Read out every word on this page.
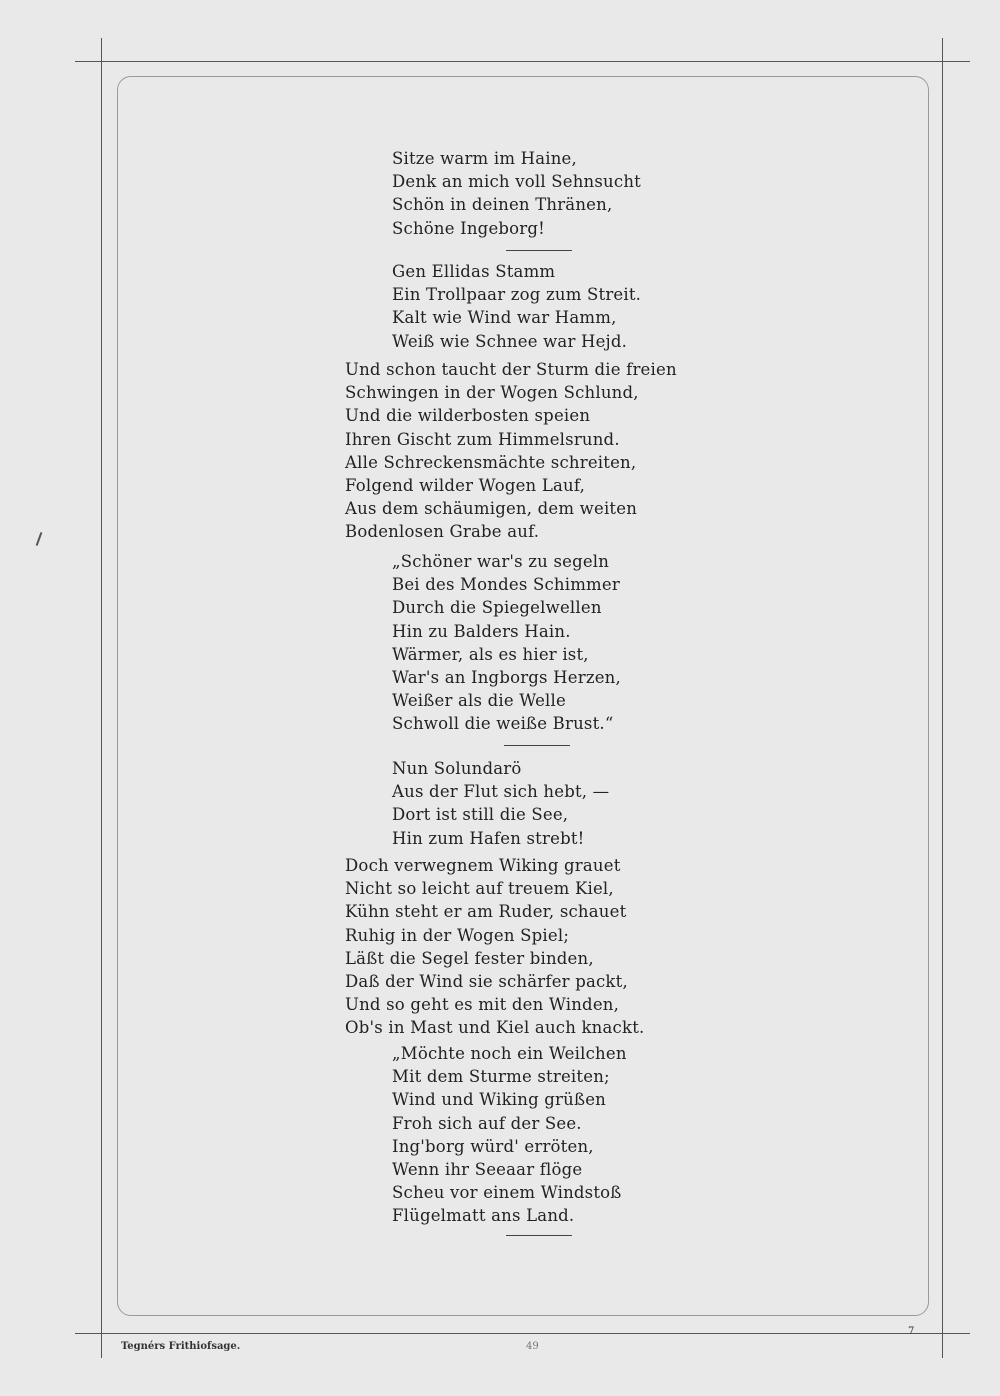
Sitze warm im Haine,
Denk an mich voll Sehnsucht
Schön in deinen Thränen,
Schöne Ingeborg!
Gen Ellidas Stamm
Ein Trollpaar zog zum Streit.
Kalt wie Wind war Hamm,
Weiß wie Schnee war Hejd.
Und schon taucht der Sturm die freien
Schwingen in der Wogen Schlund,
Und die wilderbosten speien
Ihren Gischt zum Himmelsrund.
Alle Schreckensmächte schreiten,
Folgend wilder Wogen Lauf,
Aus dem schäumigen, dem weiten
Bodenlosen Grabe auf.
„Schöner war's zu segeln
Bei des Mondes Schimmer
Durch die Spiegelwellen
Hin zu Balders Hain.
Wärmer, als es hier ist,
War's an Ingborgs Herzen,
Weißer als die Welle
Schwoll die weiße Brust.“
Nun Solundarö
Aus der Flut sich hebt, —
Dort ist still die See,
Hin zum Hafen strebt!
Doch verwegnem Wiking grauet
Nicht so leicht auf treuem Kiel,
Kühn steht er am Ruder, schauet
Ruhig in der Wogen Spiel;
Läßt die Segel fester binden,
Daß der Wind sie schärfer packt,
Und so geht es mit den Winden,
Ob's in Mast und Kiel auch knackt.
„Möchte noch ein Weilchen
Mit dem Sturme streiten;
Wind und Wiking grüßen
Froh sich auf der See.
Ing'borg würd' erröten,
Wenn ihr Seeaar flöge
Scheu vor einem Windstoß
Flügelmatt ans Land.
Tegnérs Frithiofsage.	49
7
